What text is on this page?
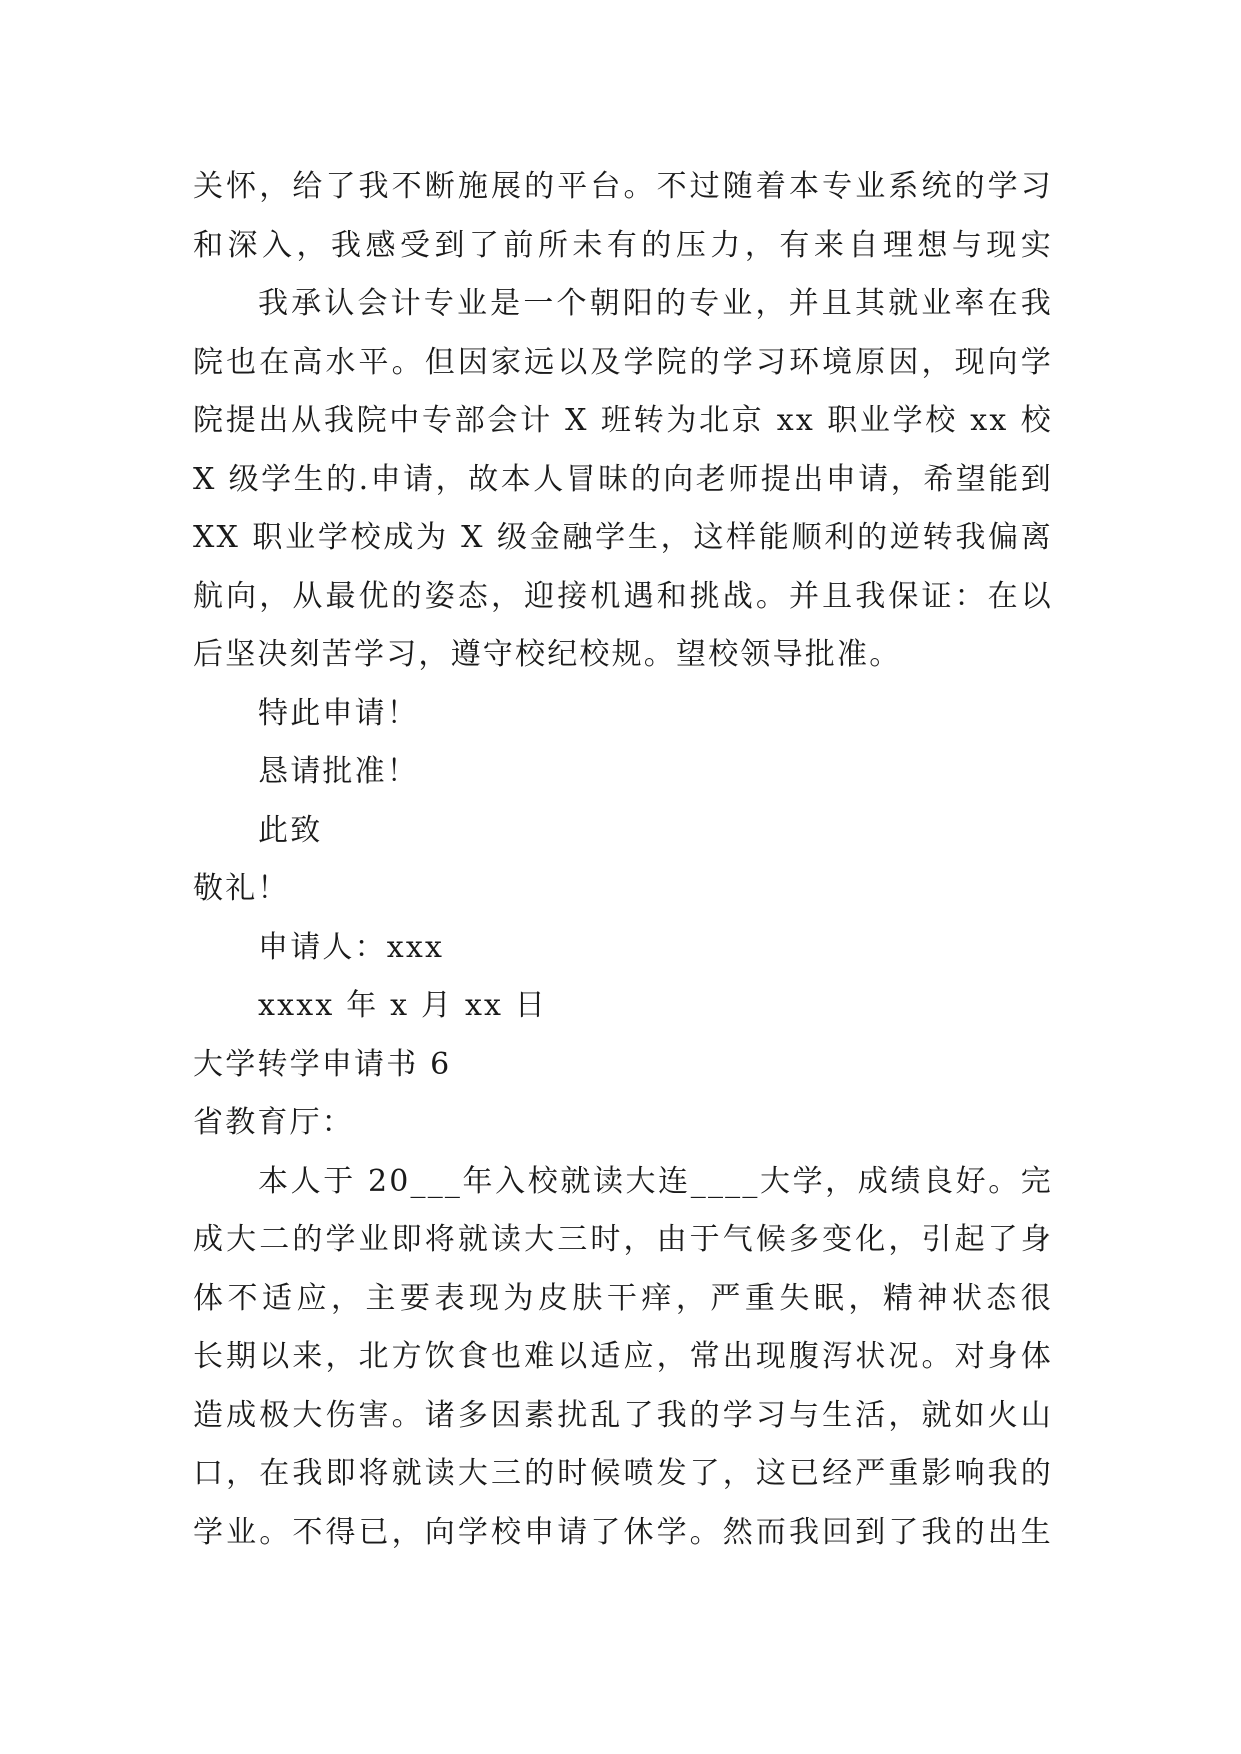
关怀，给了我不断施展的平台。不过随着本专业系统的学习
和深入，我感受到了前所未有的压力，有来自理想与现实
我承认会计专业是一个朝阳的专业，并且其就业率在我
院也在高水平。但因家远以及学院的学习环境原因，现向学
院提出从我院中专部会计 X 班转为北京 xx 职业学校 xx 校
X 级学生的.申请，故本人冒昧的向老师提出申请，希望能到
XX 职业学校成为 X 级金融学生，这样能顺利的逆转我偏离
航向，从最优的姿态，迎接机遇和挑战。并且我保证：在以
后坚决刻苦学习，遵守校纪校规。望校领导批准。
特此申请！
恳请批准！
此致
敬礼！
申请人：xxx
xxxx 年 x 月 xx 日
大学转学申请书 6
省教育厅：
本人于 20___年入校就读大连____大学，成绩良好。完
成大二的学业即将就读大三时，由于气候多变化，引起了身
体不适应，主要表现为皮肤干痒，严重失眠，精神状态很
长期以来，北方饮食也难以适应，常出现腹泻状况。对身体
造成极大伤害。诸多因素扰乱了我的学习与生活，就如火山
口，在我即将就读大三的时候喷发了，这已经严重影响我的
学业。不得已，向学校申请了休学。然而我回到了我的出生
